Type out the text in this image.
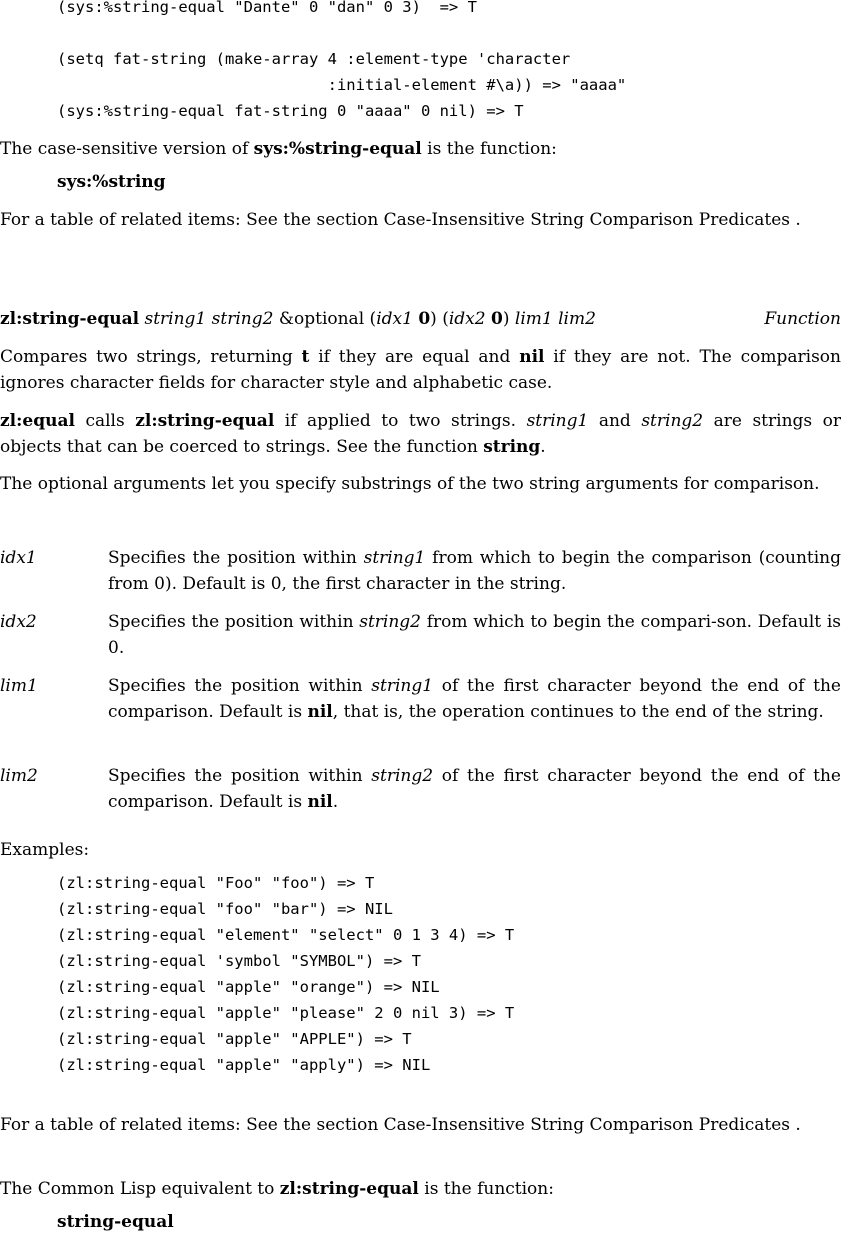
(sys:%string-equal "Dante" 0 "dan" 0 3)  => T
(setq fat-string (make-array 4 :element-type 'character
:initial-element #\a)) => "aaaa"
(sys:%string-equal fat-string 0 "aaaa" 0 nil) => T

The case-sensitive version of sys:%string-equal is the function:

sys:%string

For a table of related items: See the section Case-Insensitive String Comparison Predicates .

zl:string-equal string1 string2 &optional (idx1 0) (idx2 0) lim1 lim2	Function

Compares two strings, returning t if they are equal and nil if they are not. The comparison ignores character fields for character style and alphabetic case.

zl:equal calls zl:string-equal if applied to two strings. string1 and string2 are strings or objects that can be coerced to strings. See the function string.

The optional arguments let you specify substrings of the two string arguments for comparison.

idx1	Specifies the position within string1 from which to begin the comparison (counting from 0). Default is 0, the first character in the string.
idx2	Specifies the position within string2 from which to begin the compari-son. Default is 0.
lim1	Specifies the position within string1 of the first character beyond the end of the comparison. Default is nil, that is, the operation continues to the end of the string.
lim2	Specifies the position within string2 of the first character beyond the end of the comparison. Default is nil.

Examples:

(zl:string-equal "Foo" "foo") => T
(zl:string-equal "foo" "bar") => NIL
(zl:string-equal "element" "select" 0 1 3 4) => T
(zl:string-equal 'symbol "SYMBOL") => T
(zl:string-equal "apple" "orange") => NIL
(zl:string-equal "apple" "please" 2 0 nil 3) => T
(zl:string-equal "apple" "APPLE") => T
(zl:string-equal "apple" "apply") => NIL

For a table of related items: See the section Case-Insensitive String Comparison Predicates .

The Common Lisp equivalent to zl:string-equal is the function:

string-equal
